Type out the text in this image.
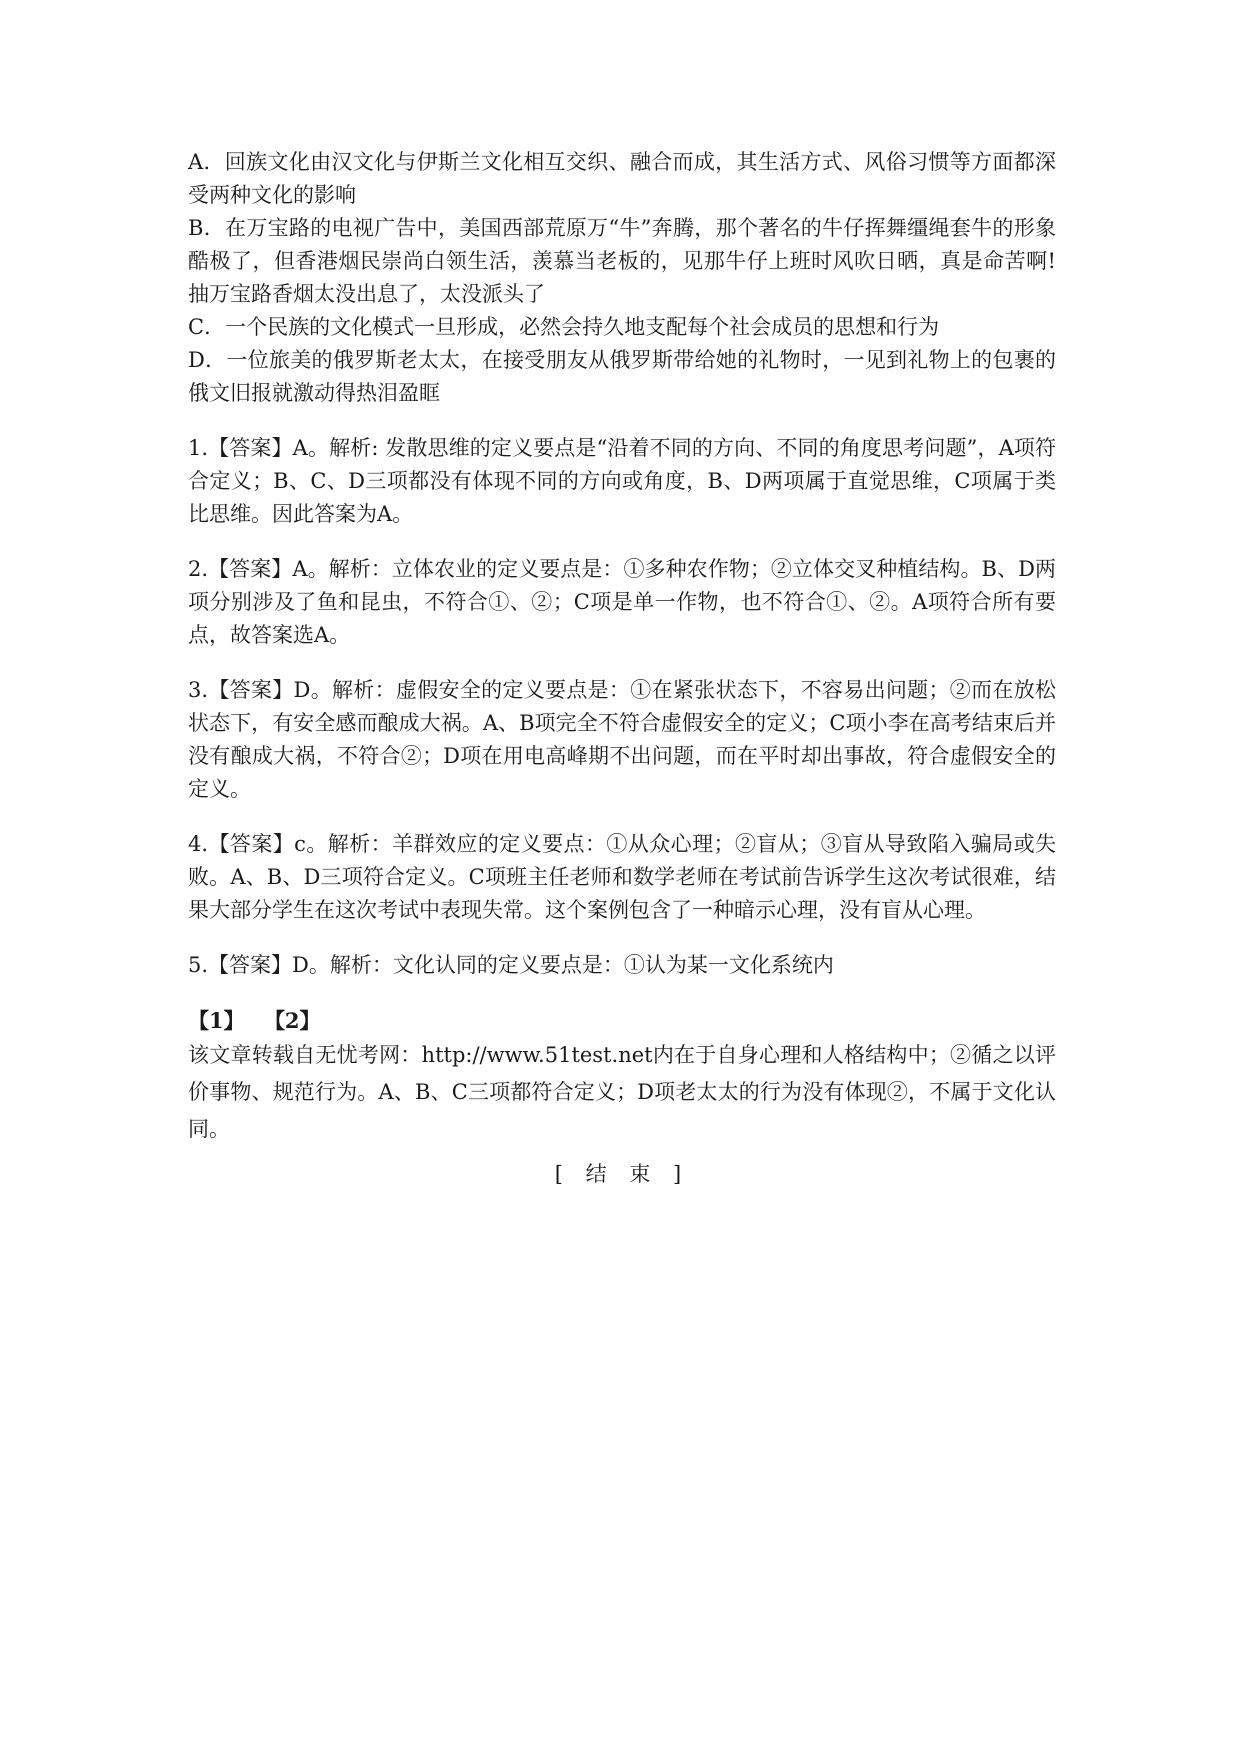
A．回族文化由汉文化与伊斯兰文化相互交织、融合而成，其生活方式、风俗习惯等方面都深受两种文化的影响

B．在万宝路的电视广告中，美国西部荒原万“牛”奔腾，那个著名的牛仔挥舞缰绳套牛的形象酷极了，但香港烟民崇尚白领生活，羡慕当老板的，见那牛仔上班时风吹日晒，真是命苦啊!抽万宝路香烟太没出息了，太没派头了

C．一个民族的文化模式一旦形成，必然会持久地支配每个社会成员的思想和行为

D．一位旅美的俄罗斯老太太，在接受朋友从俄罗斯带给她的礼物时，一见到礼物上的包裹的俄文旧报就激动得热泪盈眶

1.【答案】A。解析: 发散思维的定义要点是“沿着不同的方向、不同的角度思考问题”，A项符合定义；B、C、D三项都没有体现不同的方向或角度，B、D两项属于直觉思维，C项属于类比思维。因此答案为A。

2.【答案】A。解析：立体农业的定义要点是：①多种农作物；②立体交叉种植结构。B、D两项分别涉及了鱼和昆虫，不符合①、②；C项是单一作物，也不符合①、②。A项符合所有要点，故答案选A。

3.【答案】D。解析：虚假安全的定义要点是：①在紧张状态下，不容易出问题；②而在放松状态下，有安全感而酿成大祸。A、B项完全不符合虚假安全的定义；C项小李在高考结束后并没有酿成大祸，不符合②；D项在用电高峰期不出问题，而在平时却出事故，符合虚假安全的定义。

4.【答案】c。解析：羊群效应的定义要点：①从众心理；②盲从；③盲从导致陷入骗局或失败。A、B、D三项符合定义。C项班主任老师和数学老师在考试前告诉学生这次考试很难，结果大部分学生在这次考试中表现失常。这个案例包含了一种暗示心理，没有盲从心理。

5.【答案】D。解析：文化认同的定义要点是：①认为某一文化系统内

【1】 【2】

该文章转载自无忧考网：http://www.51test.net内在于自身心理和人格结构中；②循之以评价事物、规范行为。A、B、C三项都符合定义；D项老太太的行为没有体现②，不属于文化认同。

[ 结 束 ]
